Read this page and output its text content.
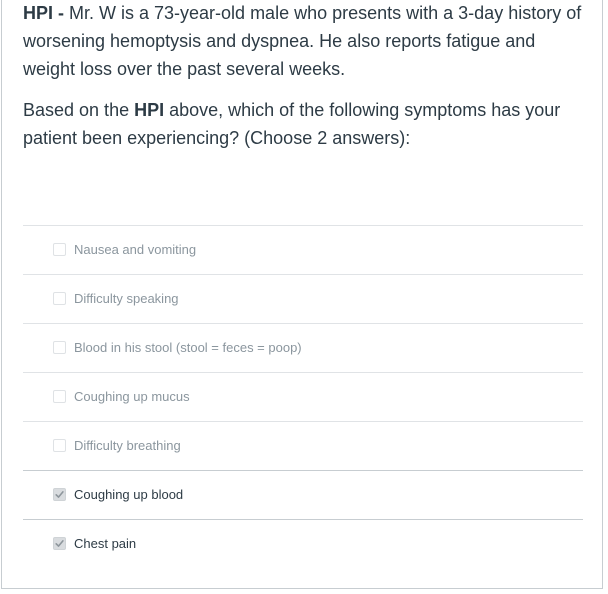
HPI - Mr. W is a 73-year-old male who presents with a 3-day history of worsening hemoptysis and dyspnea. He also reports fatigue and weight loss over the past several weeks.

Based on the HPI above, which of the following symptoms has your patient been experiencing? (Choose 2 answers):

Nausea and vomiting
Difficulty speaking
Blood in his stool (stool = feces = poop)
Coughing up mucus
Difficulty breathing
Coughing up blood
Chest pain
